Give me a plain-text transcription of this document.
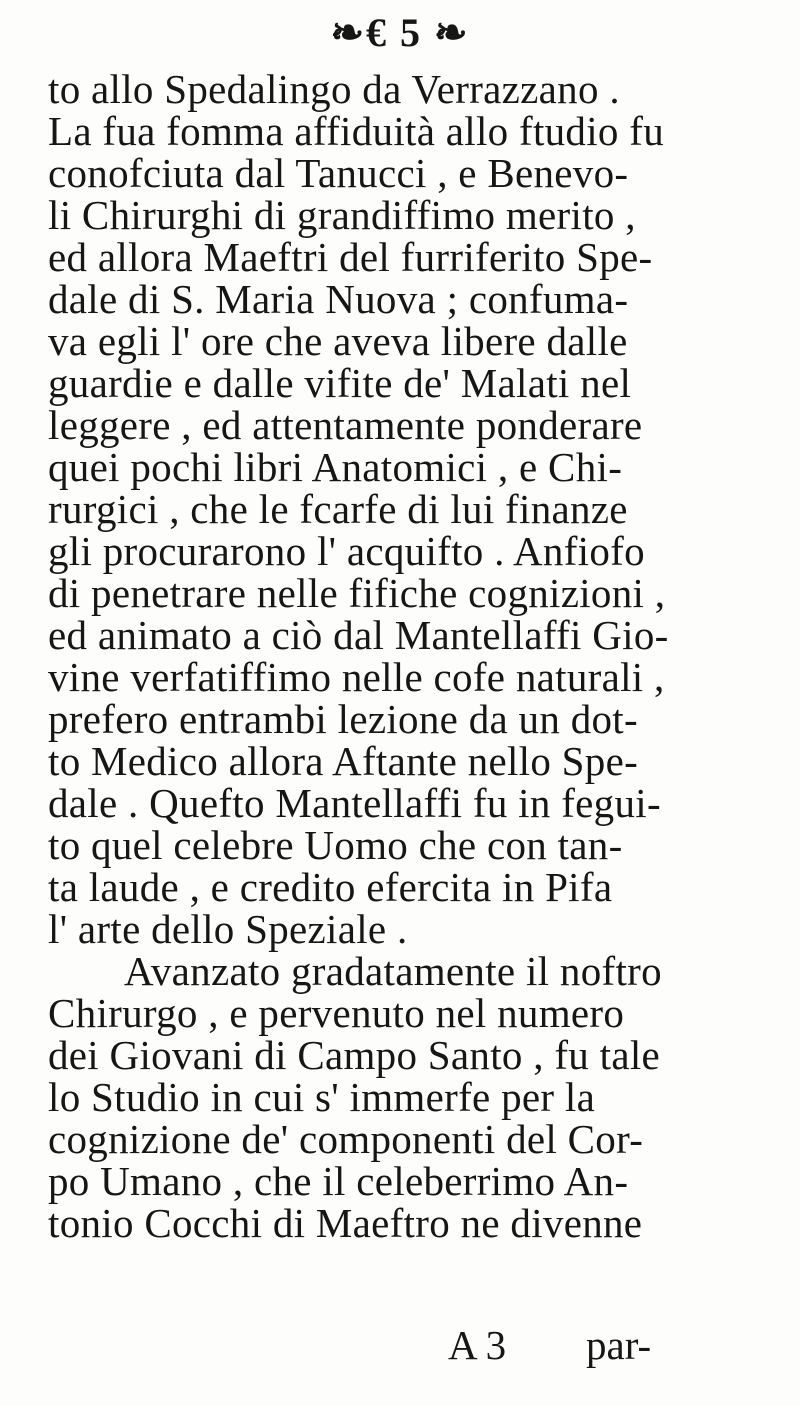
❧€ 5 ❧
to allo Spedalingo da Verrazzano .
La fua fomma affiduità allo ftudio fu
conofciuta dal Tanucci , e Benevo-
li Chirurghi di grandiffimo merito ,
ed allora Maeftri del furriferito Spe-
dale di S. Maria Nuova ; confuma-
va egli l' ore che aveva libere dalle
guardie e dalle vifite de' Malati nel
leggere , ed attentamente ponderare
quei pochi libri Anatomici , e Chi-
rurgici , che le fcarfe di lui finanze
gli procurarono l' acquifto . Anfiofo
di penetrare nelle fifiche cognizioni ,
ed animato a ciò dal Mantellaffi Gio-
vine verfatiffimo nelle cofe naturali ,
prefero entrambi lezione da un dot-
to Medico allora Aftante nello Spe-
dale . Quefto Mantellaffi fu in fegui-
to quel celebre Uomo che con tan-
ta laude , e credito efercita in Pifa
l' arte dello Speziale .
Avanzato gradatamente il noftro
Chirurgo , e pervenuto nel numero
dei Giovani di Campo Santo , fu tale
lo Studio in cui s' immerfe per la
cognizione de' componenti del Cor-
po Umano , che il celeberrimo An-
tonio Cocchi di Maeftro ne divenne
A 3 par-
